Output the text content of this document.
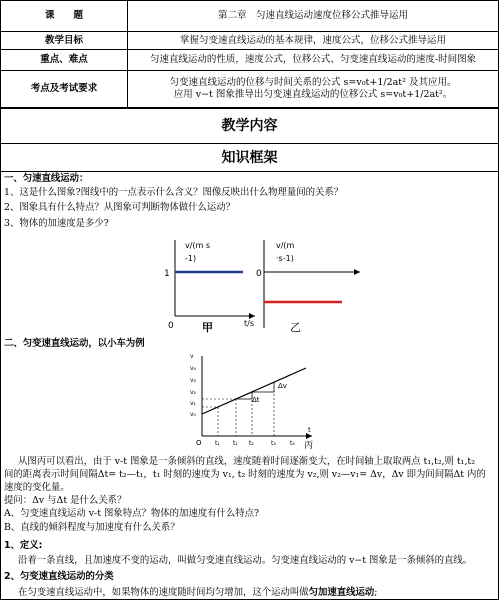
课　　题	第二章　匀速直线运动速度位移公式推导运用
教学目标	掌握匀变速直线运动的基本规律，速度公式，位移公式推导运用
重点、难点	匀速直线运动的性质，速度公式，位移公式、匀变速直线运动的速度-时间图象
考点及考试要求	匀变速直线运动的位移与时间关系的公式 s=v₀t+1/2at² 及其应用。
应用 v−t 图象推导出匀变速直线运动的位移公式 s=v₀t+1/2at²。
教学内容
知识框架
一、匀速直线运动：
1、这是什么图象?图线中的一点表示什么含义？图像反映出什么物理量间的关系？
2、图象具有什么特点？从图象可判断物体做什么运动？
3、物体的加速度是多少?
v/(m s
-1)
1
0	t/s
甲
v/(m
·s-1)
0
乙
二、匀变速直线运动，以小车为例
v
v₄
v₃
v₂
v₁
v₀
Δv
Δt
O t₁ t₁ t₂	t₃ t₄
t
丙
从图丙可以看出，由于 v-t 图象是一条倾斜的直线，速度随着时间逐渐变大，在时间轴上取取两点 t₁,t₂,则 t₁,t₂
间的距离表示时间间隔Δt= t₂—t₁，t₁ 时刻的速度为 v₁, t₂ 时刻的速度为 v₂,则 v₂—v₁= Δv，Δv 即为间间隔Δt 内的
速度的变化量。
提问：Δv 与Δt 是什么关系？
A、匀变速直线运动 v-t 图象特点？物体的加速度有什么特点?
B、直线的倾斜程度与加速度有什么关系？
1、定义:
沿着一条直线，且加速度不变的运动，叫做匀变速直线运动。匀变速直线运动的 v−t 图象是一条倾斜的直线。
2、匀变速直线运动的分类
在匀变速直线运动中，如果物体的速度随时间均匀增加，这个运动叫做匀加速直线运动;
